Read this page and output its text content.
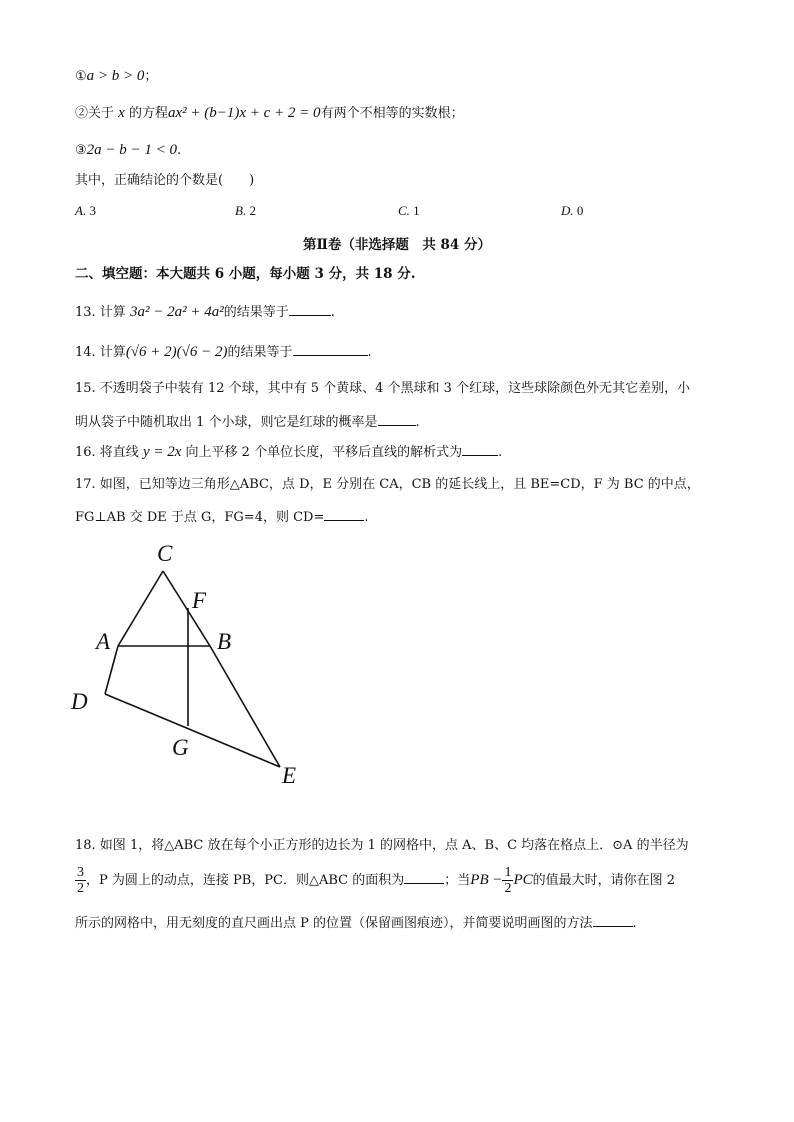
①a > b > 0；
②关于 x 的方程ax² + (b−1)x + c + 2 = 0有两个不相等的实数根；
③2a − b − 1 < 0.
其中，正确结论的个数是(　　)
A. 3	B. 2	C. 1	D. 0
第Ⅱ卷（非选择题　共 84 分）
二、填空题：本大题共 6 小题，每小题 3 分，共 18 分.
13. 计算 3a² − 2a² + 4a²的结果等于	.
14. 计算(√6 + 2)(√6 − 2)的结果等于	.
15. 不透明袋子中装有 12 个球，其中有 5 个黄球、4 个黑球和 3 个红球，这些球除颜色外无其它差别，小
明从袋子中随机取出 1 个小球，则它是红球的概率是	.
16. 将直线 y = 2x 向上平移 2 个单位长度，平移后直线的解析式为	.
17. 如图，已知等边三角形△ABC，点 D，E 分别在 CA，CB 的延长线上，且 BE=CD，F 为 BC 的中点，
FG⊥AB 交 DE 于点 G，FG=4，则 CD=	.
C
F
A	B
D
G
E
18. 如图 1，将△ABC 放在每个小正方形的边长为 1 的网格中，点 A、B、C 均落在格点上．⊙A 的半径为
$\frac{3}{2}$ ，P 为圆上的动点，连接 PB，PC．则△ABC 的面积为	；当PB − $\frac{1}{2}$ PC的值最大时，请你在图 2
所示的网格中，用无刻度的直尺画出点 P 的位置（保留画图痕迹），并简要说明画图的方法	.
